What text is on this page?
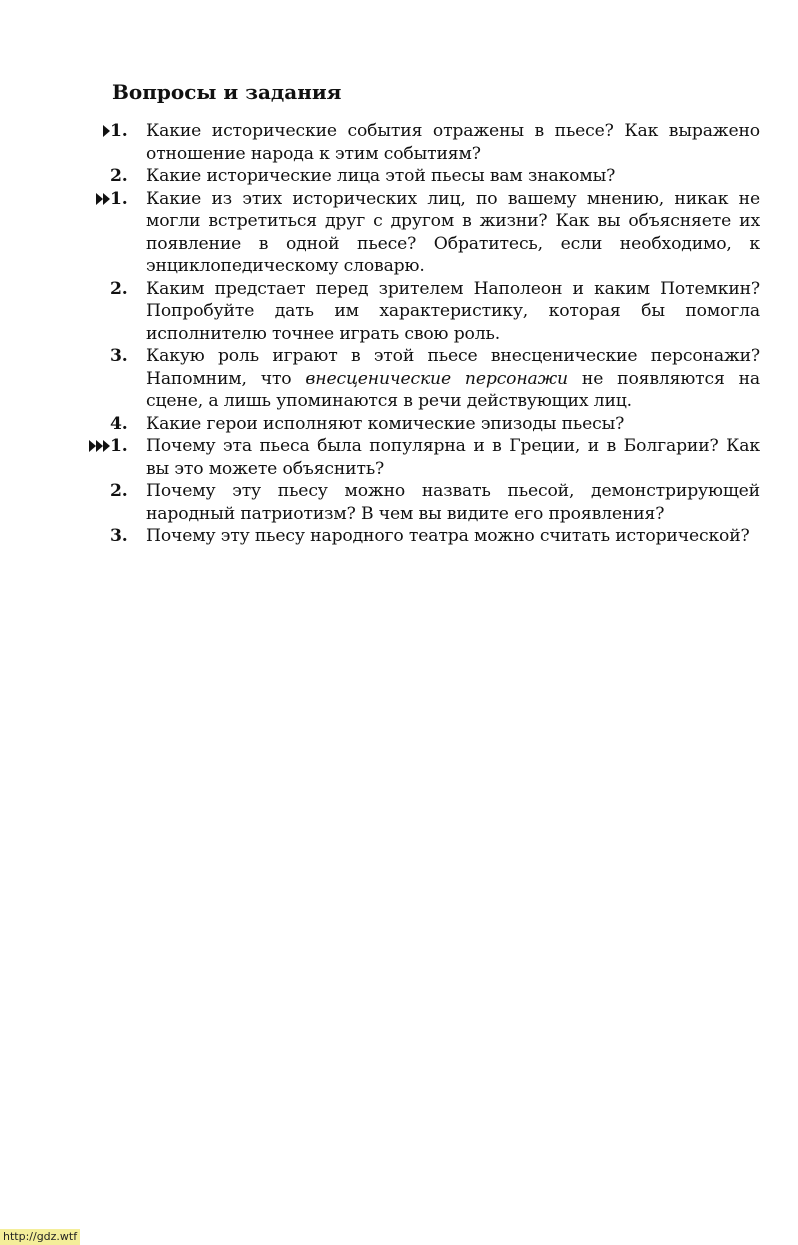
Вопросы и задания
1.	Какие исторические события отражены в пьесе? Как выражено отношение народа к этим событиям?
2.	Какие исторические лица этой пьесы вам знакомы?
1.	Какие из этих исторических лиц, по вашему мнению, никак не могли встретиться друг с другом в жизни? Как вы объясняете их появление в одной пьесе? Обратитесь, если необходимо, к энциклопедическому словарю.
2.	Каким предстает перед зрителем Наполеон и каким Потемкин? Попробуйте дать им характеристику, которая бы помогла исполнителю точнее играть свою роль.
3.	Какую роль играют в этой пьесе внесценические персонажи? Напомним, что внесценические персонажи не появляются на сцене, а лишь упоминаются в речи действующих лиц.
4.	Какие герои исполняют комические эпизоды пьесы?
1.	Почему эта пьеса была популярна и в Греции, и в Болгарии? Как вы это можете объяснить?
2.	Почему эту пьесу можно назвать пьесой, демонстрирующей народный патриотизм? В чем вы видите его проявления?
3.	Почему эту пьесу народного театра можно считать исторической?
http://gdz.wtf
